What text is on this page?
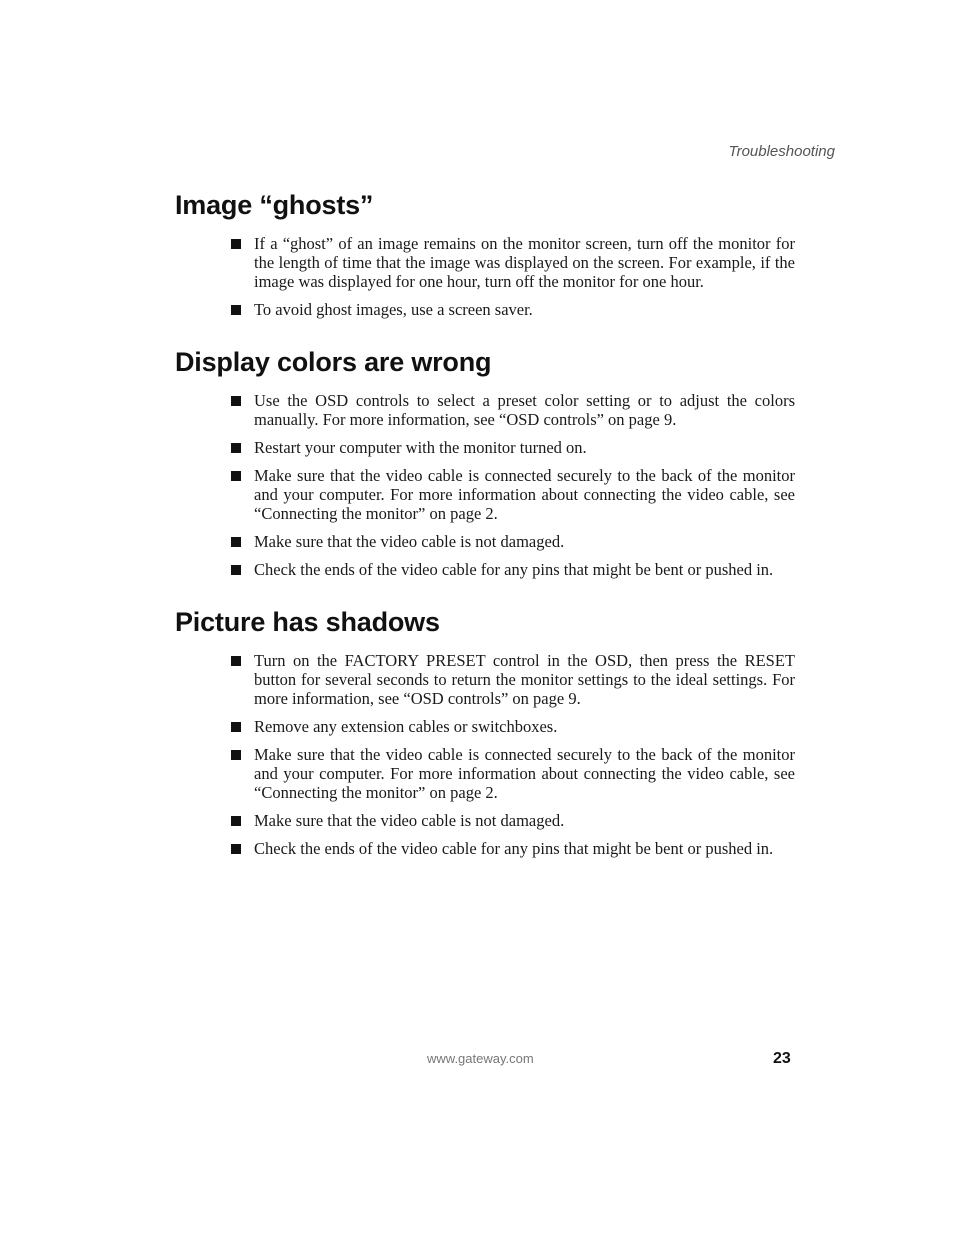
Troubleshooting
Image “ghosts”
If a “ghost” of an image remains on the monitor screen, turn off the monitor for the length of time that the image was displayed on the screen. For example, if the image was displayed for one hour, turn off the monitor for one hour.
To avoid ghost images, use a screen saver.
Display colors are wrong
Use the OSD controls to select a preset color setting or to adjust the colors manually. For more information, see “OSD controls” on page 9.
Restart your computer with the monitor turned on.
Make sure that the video cable is connected securely to the back of the monitor and your computer. For more information about connecting the video cable, see “Connecting the monitor” on page 2.
Make sure that the video cable is not damaged.
Check the ends of the video cable for any pins that might be bent or pushed in.
Picture has shadows
Turn on the FACTORY PRESET control in the OSD, then press the RESET button for several seconds to return the monitor settings to the ideal settings. For more information, see “OSD controls” on page 9.
Remove any extension cables or switchboxes.
Make sure that the video cable is connected securely to the back of the monitor and your computer. For more information about connecting the video cable, see “Connecting the monitor” on page 2.
Make sure that the video cable is not damaged.
Check the ends of the video cable for any pins that might be bent or pushed in.
www.gateway.com	23
